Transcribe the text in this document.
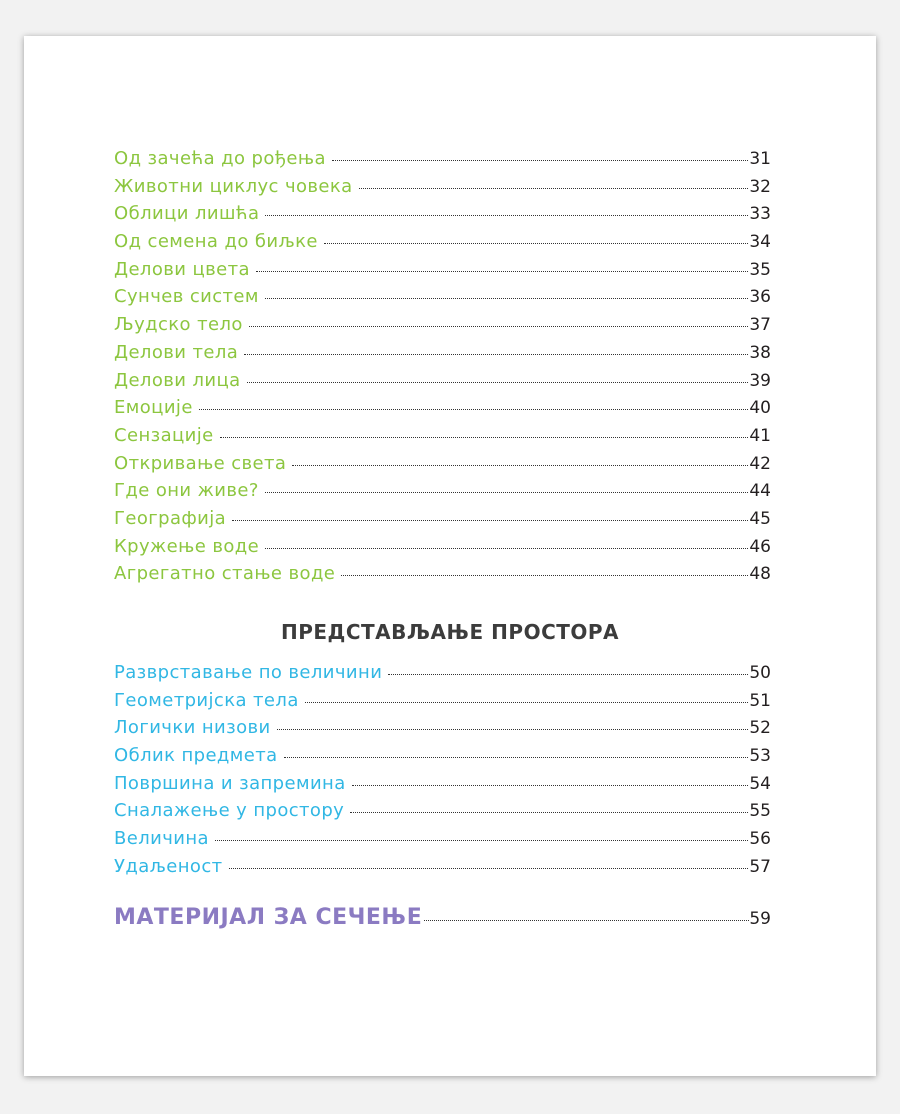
Од зачећа до рођења	31
Животни циклус човека	32
Облици лишћа	33
Од семена до биљке	34
Делови цвета	35
Сунчев систем	36
Људско тело	37
Делови тела	38
Делови лица	39
Емоције	40
Сензације	41
Откривање света	42
Где они живе?	44
Географија	45
Кружење воде	46
Агрегатно стање воде	48
ПРЕДСТАВЉАЊЕ ПРОСТОРА
Разврставање по величини	50
Геометријска тела	51
Логички низови	52
Облик предмета	53
Површина и запремина	54
Сналажење у простору	55
Величина	56
Удаљеност	57
МАТЕРИЈАЛ ЗА СЕЧЕЊЕ	59
